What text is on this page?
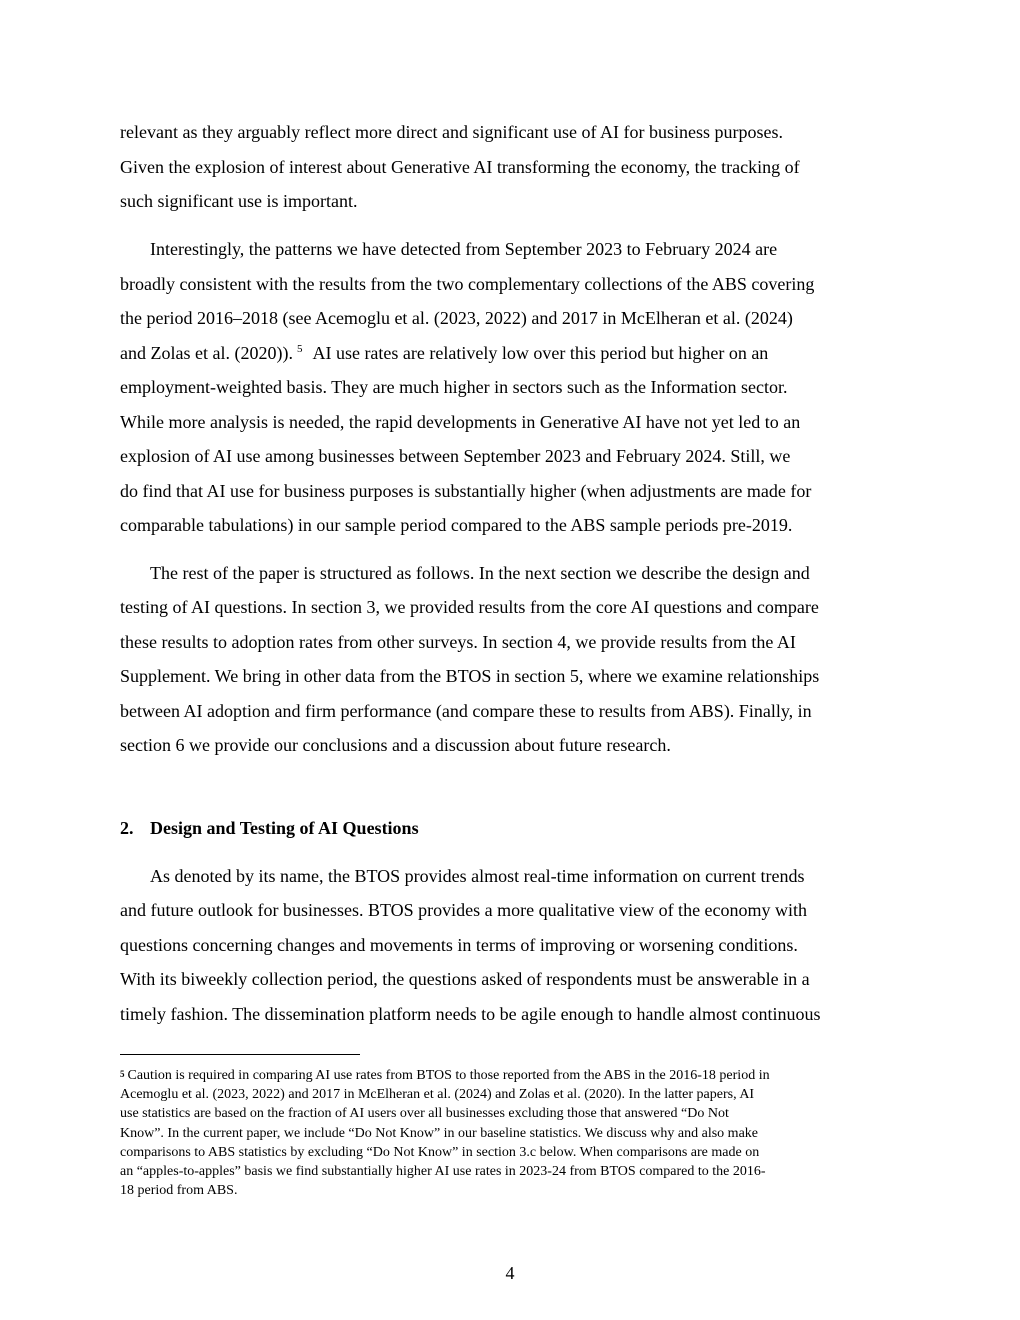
relevant as they arguably reflect more direct and significant use of AI for business purposes.
Given the explosion of interest about Generative AI transforming the economy, the tracking of
such significant use is important.
Interestingly, the patterns we have detected from September 2023 to February 2024 are
broadly consistent with the results from the two complementary collections of the ABS covering
the period 2016–2018 (see Acemoglu et al. (2023, 2022) and 2017 in McElheran et al. (2024)
and Zolas et al. (2020)). $^5$ AI use rates are relatively low over this period but higher on an
employment-weighted basis. They are much higher in sectors such as the Information sector.
While more analysis is needed, the rapid developments in Generative AI have not yet led to an
explosion of AI use among businesses between September 2023 and February 2024. Still, we
do find that AI use for business purposes is substantially higher (when adjustments are made for
comparable tabulations) in our sample period compared to the ABS sample periods pre-2019.
The rest of the paper is structured as follows. In the next section we describe the design and
testing of AI questions. In section 3, we provided results from the core AI questions and compare
these results to adoption rates from other surveys. In section 4, we provide results from the AI
Supplement. We bring in other data from the BTOS in section 5, where we examine relationships
between AI adoption and firm performance (and compare these to results from ABS). Finally, in
section 6 we provide our conclusions and a discussion about future research.
2. Design and Testing of AI Questions
As denoted by its name, the BTOS provides almost real-time information on current trends
and future outlook for businesses. BTOS provides a more qualitative view of the economy with
questions concerning changes and movements in terms of improving or worsening conditions.
With its biweekly collection period, the questions asked of respondents must be answerable in a
timely fashion. The dissemination platform needs to be agile enough to handle almost continuous
$^5$ Caution is required in comparing AI use rates from BTOS to those reported from the ABS in the 2016-18 period in
Acemoglu et al. (2023, 2022) and 2017 in McElheran et al. (2024) and Zolas et al. (2020). In the latter papers, AI
use statistics are based on the fraction of AI users over all businesses excluding those that answered “Do Not
Know”. In the current paper, we include “Do Not Know” in our baseline statistics. We discuss why and also make
comparisons to ABS statistics by excluding “Do Not Know” in section 3.c below. When comparisons are made on
an “apples-to-apples” basis we find substantially higher AI use rates in 2023-24 from BTOS compared to the 2016-
18 period from ABS.
4
